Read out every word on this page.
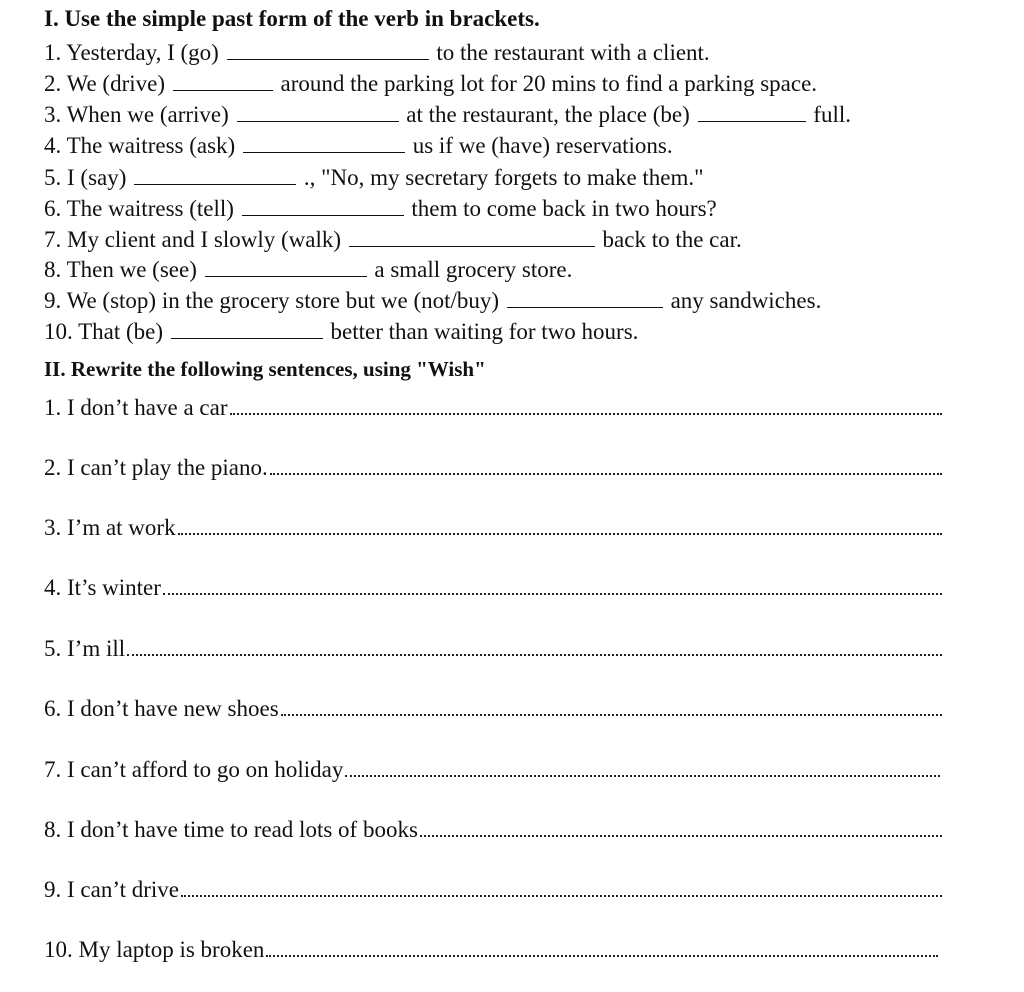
I. Use the simple past form of the verb in brackets.
1. Yesterday, I (go)	to the restaurant with a client.
2. We (drive)	around the parking lot for 20 mins to find a parking space.
3. When we (arrive)	at the restaurant, the place (be)	full.
4. The waitress (ask)	us if we (have) reservations.
5. I (say)	., "No, my secretary forgets to make them."
6. The waitress (tell)	them to come back in two hours?
7. My client and I slowly (walk)	back to the car.
8. Then we (see)	a small grocery store.
9. We (stop) in the grocery store but we (not/buy)	any sandwiches.
10. That (be)	better than waiting for two hours.
II. Rewrite the following sentences, using "Wish"
1.
I don’t have a car
2.
I can’t play the piano.
3.
I’m at work
4.
It’s winter
5.
I’m ill
6.
I don’t have new shoes
7.
I can’t afford to go on holiday
8.
I don’t have time to read lots of books
9.
I can’t drive
10.
My laptop is broken
